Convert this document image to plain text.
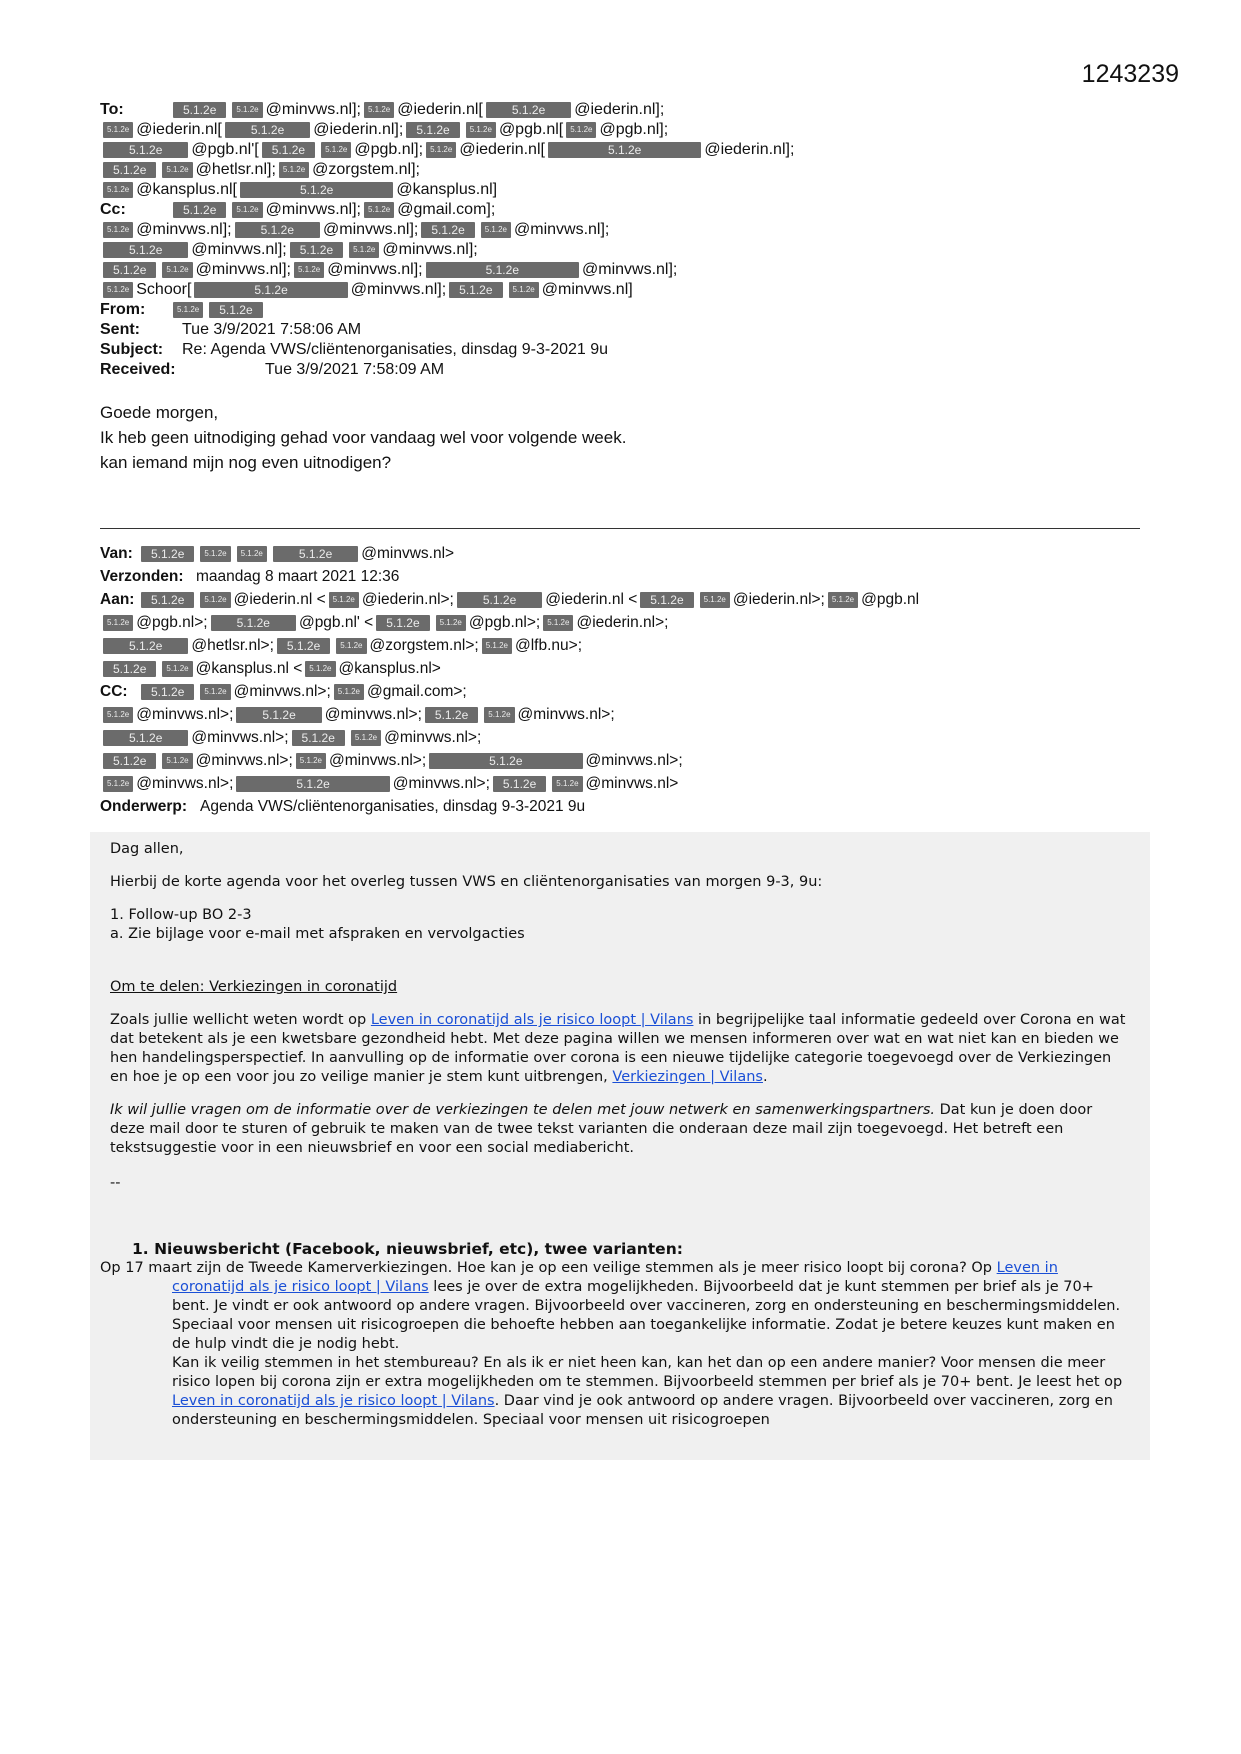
1243239
To:	5.1.2e	5.1.2e @minvws.nl]; 5.1.2e @iederin.nl[ 5.1.2e @iederin.nl];
5.1.2e @iederin.nl[ 5.1.2e @iederin.nl]; 5.1.2e	5.1.2e @pgb.nl[ 5.1.2e @pgb.nl];
5.1.2e @pgb.nl'[ 5.1.2e	5.1.2e @pgb.nl]; 5.1.2e @iederin.nl[	5.1.2e	@iederin.nl];
5.1.2e	5.1.2e @hetlsr.nl]; 5.1.2e @zorgstem.nl];
5.1.2e @kansplus.nl[	5.1.2e	@kansplus.nl]
Cc:	5.1.2e	5.1.2e @minvws.nl]; 5.1.2e @gmail.com];
5.1.2e @minvws.nl]; 5.1.2e @minvws.nl]; 5.1.2e	5.1.2e @minvws.nl];
5.1.2e @minvws.nl]; 5.1.2e	5.1.2e @minvws.nl];
5.1.2e	5.1.2e @minvws.nl]; 5.1.2e @minvws.nl];	5.1.2e	@minvws.nl];
5.1.2e Schoor[	5.1.2e	@minvws.nl]; 5.1.2e	5.1.2e @minvws.nl]
From:	5.1.2e 5.1.2e
Sent:	Tue 3/9/2021 7:58:06 AM
Subject: Re: Agenda VWS/cliëntenorganisaties, dinsdag 9-3-2021 9u
Received:	Tue 3/9/2021 7:58:09 AM
Goede morgen,
Ik heb geen uitnodiging gehad voor vandaag wel voor volgende week.
kan iemand mijn nog even uitnodigen?
Van: 5.1.2e	5.1.2e 5.1.2e	5.1.2e @minvws.nl>
Verzonden: maandag 8 maart 2021 12:36
Aan: 5.1.2e	5.1.2e @iederin.nl < 5.1.2e @iederin.nl>; 5.1.2e @iederin.nl < 5.1.2e	5.1.2e @iederin.nl>; 5.1.2e @pgb.nl
5.1.2e @pgb.nl>; 5.1.2e @pgb.nl' < 5.1.2e	5.1.2e @pgb.nl>; 5.1.2e @iederin.nl>;
5.1.2e @hetlsr.nl>; 5.1.2e	5.1.2e @zorgstem.nl>; 5.1.2e @lfb.nu>;
5.1.2e	5.1.2e @kansplus.nl < 5.1.2e @kansplus.nl>
CC: 5.1.2e	5.1.2e @minvws.nl>; 5.1.2e @gmail.com>;
5.1.2e @minvws.nl>; 5.1.2e @minvws.nl>; 5.1.2e	5.1.2e @minvws.nl>;
5.1.2e @minvws.nl>; 5.1.2e	5.1.2e @minvws.nl>;
5.1.2e	5.1.2e @minvws.nl>; 5.1.2e @minvws.nl>;	5.1.2e	@minvws.nl>;
5.1.2e @minvws.nl>;	5.1.2e	@minvws.nl>; 5.1.2e	5.1.2e @minvws.nl>
Onderwerp: Agenda VWS/cliëntenorganisaties, dinsdag 9-3-2021 9u

Dag allen,

Hierbij de korte agenda voor het overleg tussen VWS en cliëntenorganisaties van morgen 9-3, 9u:

1. Follow-up BO 2-3

a. Zie bijlage voor e-mail met afspraken en vervolgacties

Om te delen: Verkiezingen in coronatijd

Zoals jullie wellicht weten wordt op Leven in coronatijd als je risico loopt | Vilans in begrijpelijke taal informatie gedeeld over Corona en wat dat betekent als je een kwetsbare gezondheid hebt. Met deze pagina willen we mensen informeren over wat en wat niet kan en bieden we hen handelingsperspectief. In aanvulling op de informatie over corona is een nieuwe tijdelijke categorie toegevoegd over de Verkiezingen en hoe je op een voor jou zo veilige manier je stem kunt uitbrengen, Verkiezingen | Vilans.

Ik wil jullie vragen om de informatie over de verkiezingen te delen met jouw netwerk en samenwerkingspartners. Dat kun je doen door deze mail door te sturen of gebruik te maken van de twee tekst varianten die onderaan deze mail zijn toegevoegd. Het betreft een tekstsuggestie voor in een nieuwsbrief en voor een social mediabericht.

--

1. Nieuwsbericht (Facebook, nieuwsbrief, etc), twee varianten:

Op 17 maart zijn de Tweede Kamerverkiezingen. Hoe kan je op een veilige stemmen als je meer risico loopt bij corona? Op Leven in coronatijd als je risico loopt | Vilans lees je over de extra mogelijkheden. Bijvoorbeeld dat je kunt stemmen per brief als je 70+ bent. Je vindt er ook antwoord op andere vragen. Bijvoorbeeld over vaccineren, zorg en ondersteuning en beschermingsmiddelen. Speciaal voor mensen uit risicogroepen die behoefte hebben aan toegankelijke informatie. Zodat je betere keuzes kunt maken en de hulp vindt die je nodig hebt.

Kan ik veilig stemmen in het stembureau? En als ik er niet heen kan, kan het dan op een andere manier? Voor mensen die meer risico lopen bij corona zijn er extra mogelijkheden om te stemmen. Bijvoorbeeld stemmen per brief als je 70+ bent. Je leest het op Leven in coronatijd als je risico loopt | Vilans. Daar vind je ook antwoord op andere vragen. Bijvoorbeeld over vaccineren, zorg en ondersteuning en beschermingsmiddelen. Speciaal voor mensen uit risicogroepen
